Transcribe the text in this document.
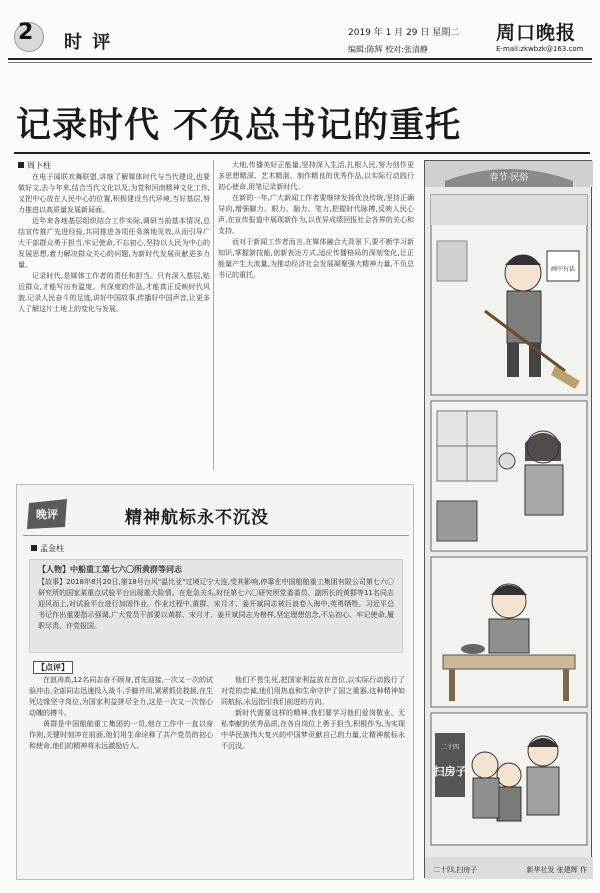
2 时 评	2019 年 1 月 29 日 星期二 周口晚报
编辑:陈辉 校对:张清静	E-mail:zkwbzk@163.com
记录时代 不负总书记的重托
周卜柱

在电子闻联欢舞联盟,讲继了解媒体时代与当代建设,也要做好文,去今年来,结合当代文化以及,为党和河南精神文化工作,又把中心放在人民中心的位置,积极建设当代环境,当好基层,努力推进以高质量发展新局面。

近年来各地基层组织结合工作实际,调研当前基本情况,总结宣传推广先进经验,共同推进各项任务落地见效,从而引导广大干部群众勇于担当,牢记使命,不忘初心,坚持以人民为中心的发展思想,着力解决群众关心的问题,为新时代发展贡献更多力量。

记录时代,是媒体工作者的责任和担当。只有深入基层,贴近群众,才能写出有温度、有深度的作品,才能真正反映时代风貌,记录人民奋斗的足迹,讲好中国故事,传播好中国声音,让更多人了解这片土地上的变化与发展。

大地,传播美好正能量,坚持深入生活,扎根人民,努力创作更多思想精深、艺术精湛、制作精良的优秀作品,以实际行动践行初心使命,用笔记录新时代。

在新的一年,广大新闻工作者要继续发扬优良传统,坚持正确导向,增强脚力、眼力、脑力、笔力,把握时代脉搏,反映人民心声,在宣传报道中展现新作为,以优异成绩回报社会各界的关心和支持。

而对于新闻工作者而言,在媒体融合大背景下,要不断学习新知识,掌握新技能,创新表达方式,适应传播格局的深刻变化,让正能量产生大流量,为推动经济社会发展凝聚强大精神力量,不负总书记的重托。

春节·民俗
画中有话
二十四
扫房子
二十四,扫房子	新华社发 张建辉 作
晚评	精神航标永不沉没
孟金柱
【人物】中船重工第七六〇所黄群等同志
【故事】2018年8月20日,第18号台风"温比亚"过境辽宁大连,受其影响,停靠在中国船舶重工集团有限公司第七六〇研究所的国家某重点试验平台出现重大险情。在危急关头,时任第七六〇研究所党委委员、副所长的黄群等11名同志迎风而上,对试验平台进行加固作业。作业过程中,黄群、宋月才、姜开斌同志被巨浪卷入海中,英勇牺牲。习近平总书记作出重要指示强调,广大党员干部要以黄群、宋月才、姜开斌同志为榜样,坚定理想信念,不忘初心、牢记使命,履职尽责、许党报国。
【点评】

在浪涛高,12名同志奋不顾身,首先迎接,一次又一次的试验冲击,全部同志迅速投入战斗,手脚并用,紧紧抓住救援,在生死边缘坚守岗位,为国家利益拼尽全力,这是一次又一次惊心动魄的搏斗。

黄群是中国船舶重工集团的一员,他在工作中一直以身作则,关键时刻冲在前面,他们用生命诠释了共产党员的初心和使命,他们的精神将永远激励后人。

他们不畏生死,把国家利益放在首位,以实际行动践行了对党的忠诚,他们用热血和生命守护了国之重器,这种精神如同航标,永远指引我们前进的方向。

新时代需要这样的精神,我们要学习他们爱岗敬业、无私奉献的优秀品质,在各自岗位上勇于担当,积极作为,为实现中华民族伟大复兴的中国梦贡献自己的力量,让精神航标永不沉没。
